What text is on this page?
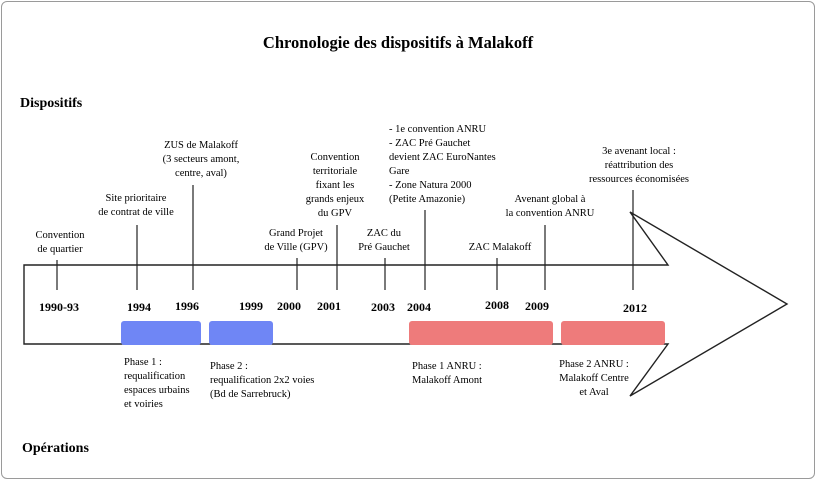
Chronologie des dispositifs à Malakoff
Dispositifs
Opérations
1990-93	1994 1996	1999 2000 2001	2003 2004	2008 2009	2012
Convention
de quartier
Site prioritaire
de contrat de ville
ZUS de Malakoff
(3 secteurs amont,
centre, aval)
Grand Projet
de Ville (GPV)
Convention
territoriale
fixant les
grands enjeux
du GPV
ZAC du
Pré Gauchet
- 1e convention ANRU
- ZAC Pré Gauchet
devient ZAC EuroNantes
Gare
- Zone Natura 2000
(Petite Amazonie)
ZAC Malakoff
Avenant global à
la convention ANRU
3e avenant local :
réattribution des
ressources économisées
Phase 1 :
requalification
espaces urbains
et voiries
Phase 2 :
requalification 2x2 voies
(Bd de Sarrebruck)
Phase 1 ANRU :
Malakoff Amont
Phase 2 ANRU :
Malakoff Centre
et Aval
